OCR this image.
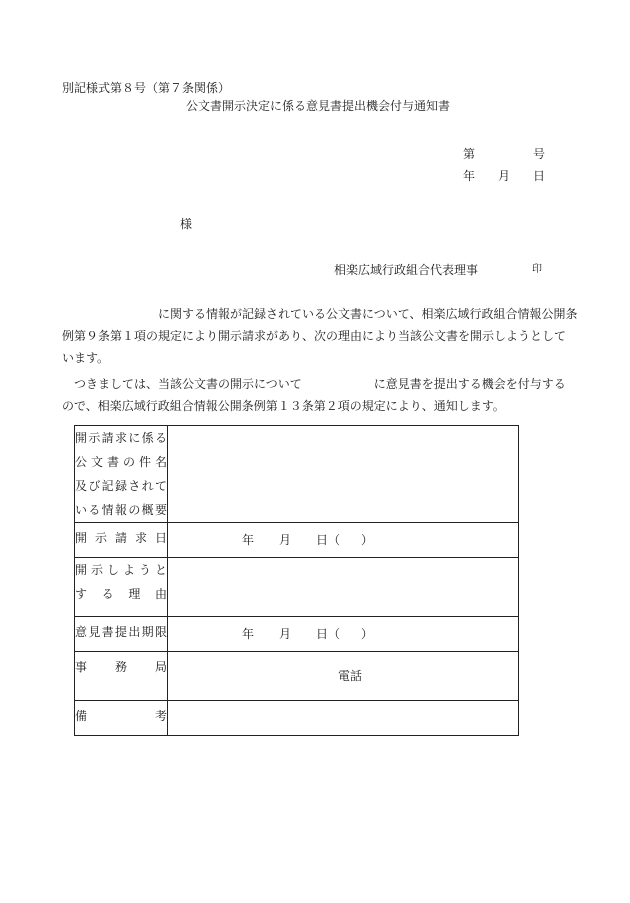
別記様式第８号（第７条関係）
公文書開示決定に係る意見書提出機会付与通知書
第	号
年 月 日
様
相楽広域行政組合代表理事	印
に関する情報が記録されている公文書について、相楽広域行政組合情報公開条
例第９条第１項の規定により開示請求があり、次の理由により当該公文書を開示しようとして
います。
つきましては、当該公文書の開示について	に意見書を提出する機会を付与する
ので、相楽広域行政組合情報公開条例第１３条第２項の規定により、通知します。
開示請求に係る
公文書の件名
及び記録されて
いる情報の概要	

開示請求日	年 月 日（ ）

開示しようと
する理由	

意見書提出期限	年 月 日（ ）

事務局	電話

備考	
